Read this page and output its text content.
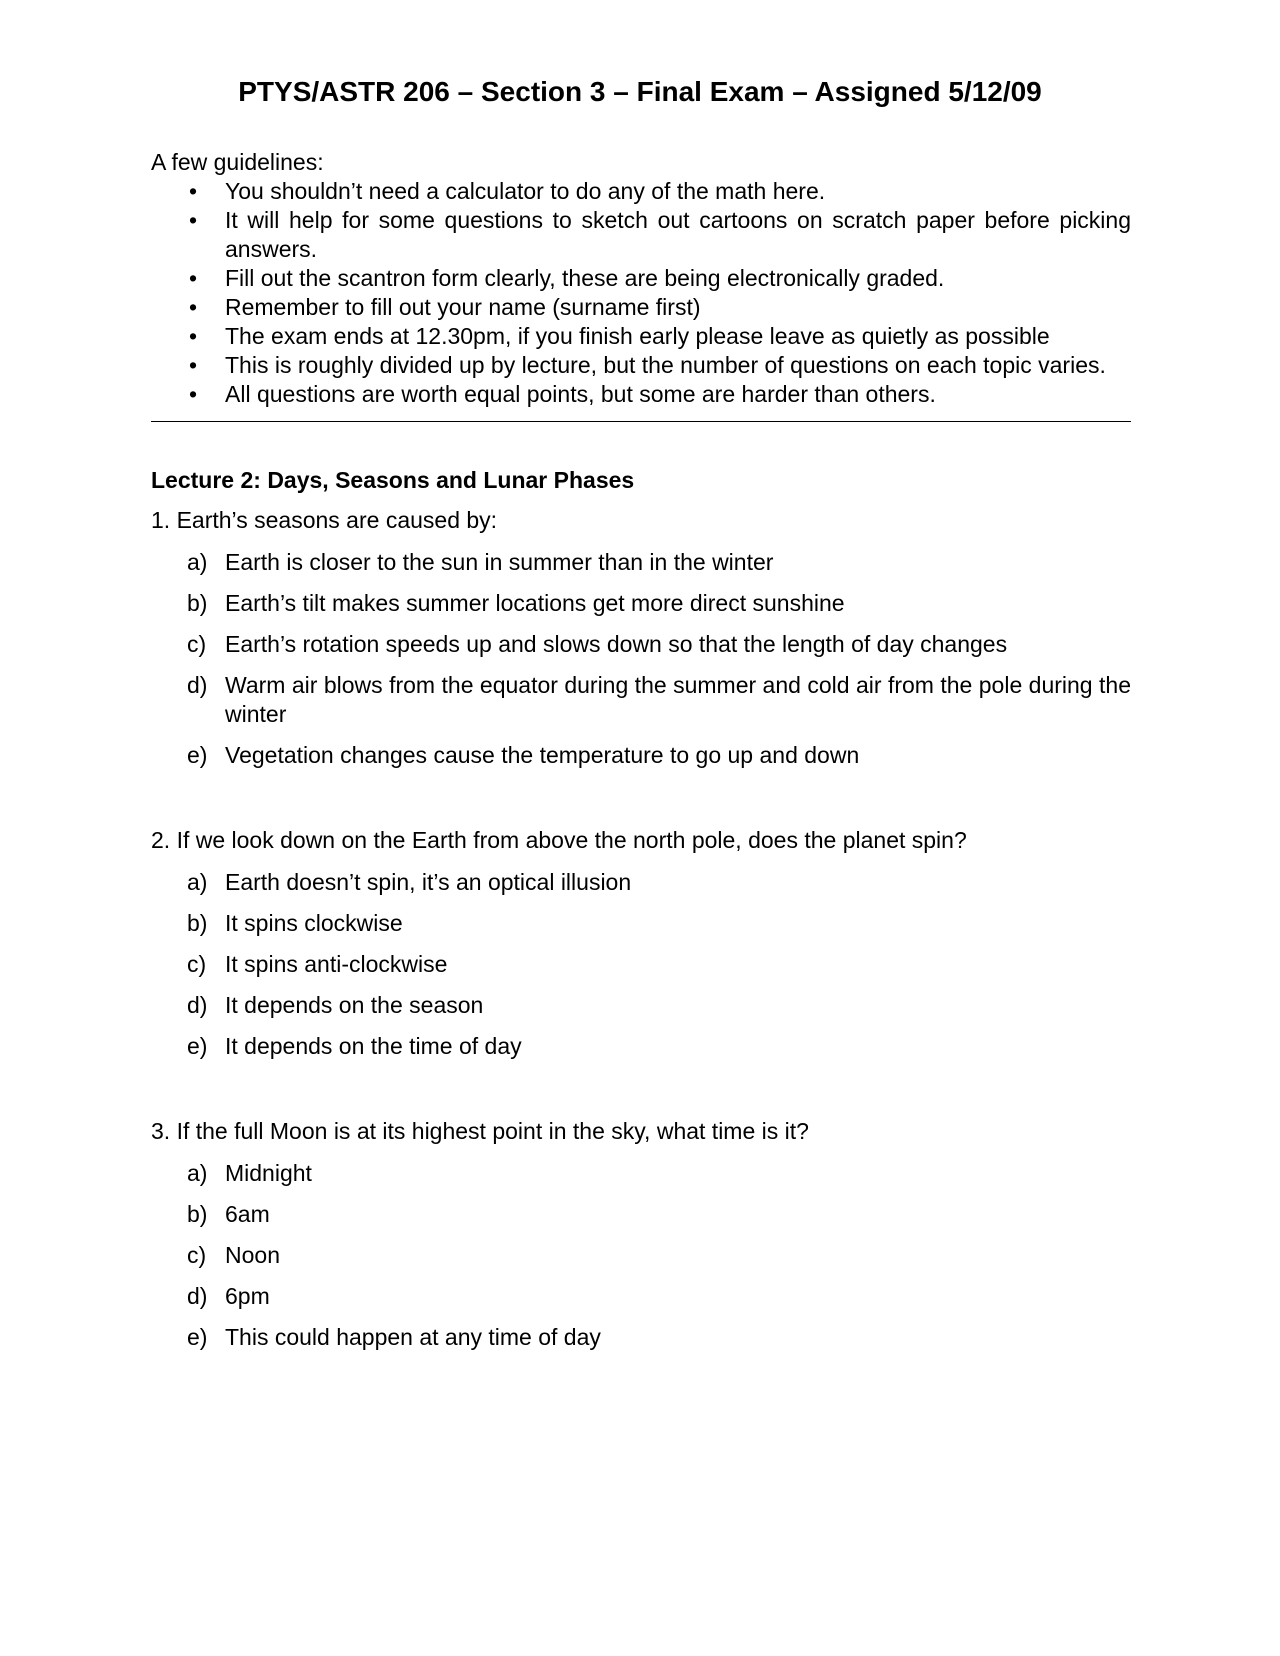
PTYS/ASTR 206 – Section 3 – Final Exam – Assigned 5/12/09
A few guidelines:
• You shouldn’t need a calculator to do any of the math here.
• It will help for some questions to sketch out cartoons on scratch paper before picking answers.
• Fill out the scantron form clearly, these are being electronically graded.
• Remember to fill out your name (surname first)
• The exam ends at 12.30pm, if you finish early please leave as quietly as possible
• This is roughly divided up by lecture, but the number of questions on each topic varies.
• All questions are worth equal points, but some are harder than others.
Lecture 2: Days, Seasons and Lunar Phases
1. Earth’s seasons are caused by:
a) Earth is closer to the sun in summer than in the winter
b) Earth’s tilt makes summer locations get more direct sunshine
c) Earth’s rotation speeds up and slows down so that the length of day changes
d) Warm air blows from the equator during the summer and cold air from the pole during the winter
e) Vegetation changes cause the temperature to go up and down
2. If we look down on the Earth from above the north pole, does the planet spin?
a) Earth doesn’t spin, it’s an optical illusion
b) It spins clockwise
c) It spins anti-clockwise
d) It depends on the season
e) It depends on the time of day
3. If the full Moon is at its highest point in the sky, what time is it?
a) Midnight
b) 6am
c) Noon
d) 6pm
e) This could happen at any time of day
